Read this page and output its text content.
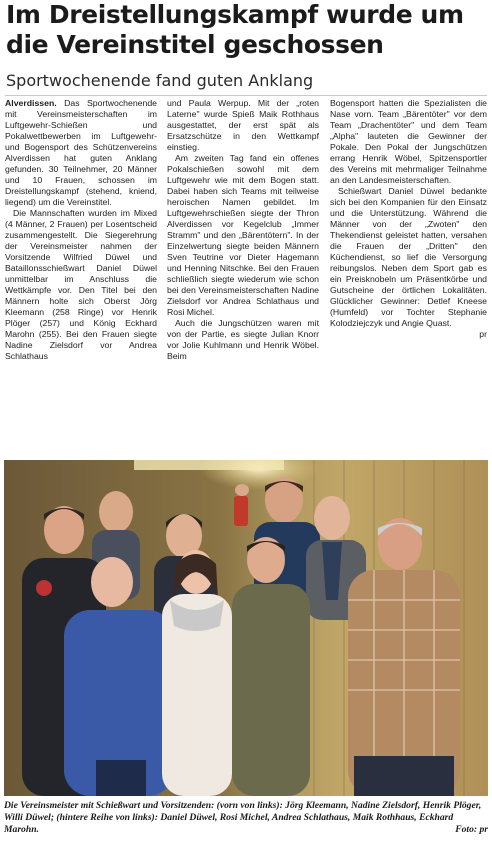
Im Dreistellungskampf wurde um die Vereinstitel geschossen
Sportwochenende fand guten Anklang

Alverdissen. Das Sportwochenende mit Vereinsmeisterschaften im Luftgewehr-Schießen und Pokalwettbewerben im Luftgewehr- und Bogensport des Schützenvereins Alverdissen hat guten Anklang gefunden. 30 Teilnehmer, 20 Männer und 10 Frauen, schossen im Dreistellungskampf (stehend, kniend, liegend) um die Vereinstitel.

Die Mannschaften wurden im Mixed (4 Männer, 2 Frauen) per Losentscheid zusammengestellt. Die Siegerehrung der Vereinsmeister nahmen der Vorsitzende Wilfried Düwel und Bataillonsschießwart Daniel Düwel unmittelbar im Anschluss die Wettkämpfe vor. Den Titel bei den Männern holte sich Oberst Jörg Kleemann (258 Ringe) vor Henrik Plöger (257) und König Eckhard Marohn (255). Bei den Frauen siegte Nadine Zielsdorf vor Andrea Schlathaus

und Paula Werpup. Mit der „roten Laterne" wurde Spieß Maik Rothhaus ausgestattet, der erst spät als Ersatzschütze in den Wettkampf einstieg.

Am zweiten Tag fand ein offenes Pokalschießen sowohl mit dem Luftgewehr wie mit dem Bogen statt. Dabei haben sich Teams mit teilweise heroischen Namen gebildet. Im Luftgewehrschießen siegte der Thron Alverdissen vor Kegelclub „Immer Stramm" und den „Bärentötern". In der Einzelwertung siegte beiden Männern Sven Teutrine vor Dieter Hagemann und Henning Nitschke. Bei den Frauen schließlich siegte wiederum wie schon bei den Vereinsmeisterschaften Nadine Zielsdorf vor Andrea Schlathaus und Rosi Michel.

Auch die Jungschützen waren mit von der Partie, es siegte Julian Knorr vor Jolie Kuhlmann und Henrik Wöbel. Beim

Bogensport hatten die Spezialisten die Nase vorn. Team „Bärentöter" vor dem Team „Drachentöter" und dem Team „Alpha" lauteten die Gewinner der Pokale. Den Pokal der Jungschützen errang Henrik Wöbel, Spitzensportler des Vereins mit mehrmaliger Teilnahme an den Landesmeisterschaften.

Schießwart Daniel Düwel bedankte sich bei den Kompanien für den Einsatz und die Unterstützung. Während die Männer von der „Zwoten" den Thekendienst geleistet hatten, versahen die Frauen der „Dritten" den Küchendienst, so lief die Versorgung reibungslos. Neben dem Sport gab es ein Preisknobeln um Präsentkörbe und Gutscheine der örtlichen Lokalitäten. Glücklicher Gewinner: Detlef Kneese (Humfeld) vor Tochter Stephanie Kolodziejczyk und Angie Quast.
pr

Die Vereinsmeister mit Schießwart und Vorsitzenden: (vorn von links): Jörg Kleemann, Nadine Zielsdorf, Henrik Plöger, Willi Düwel; (hintere Reihe von links): Daniel Düwel, Rosi Michel, Andrea Schlathaus, Maik Rothhaus, Eckhard Marohn.	Foto: pr
